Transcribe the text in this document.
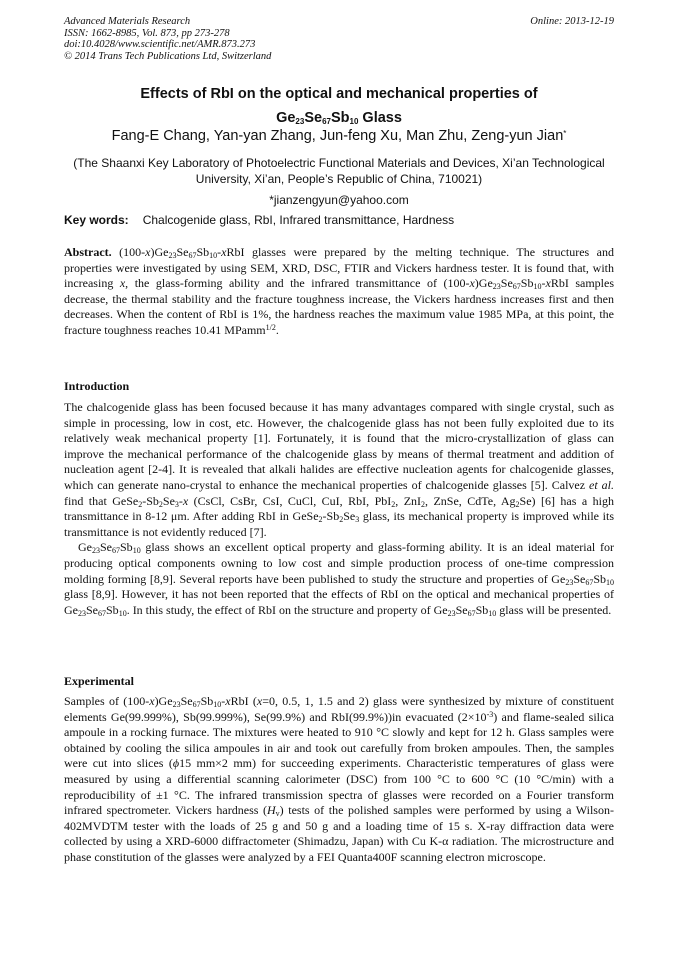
Advanced Materials Research
ISSN: 1662-8985, Vol. 873, pp 273-278
doi:10.4028/www.scientific.net/AMR.873.273
© 2014 Trans Tech Publications Ltd, Switzerland
Online: 2013-12-19
Effects of RbI on the optical and mechanical properties of
$Ge_{23}Se_{67}Sb_{10}$ Glass
Fang-E Chang, Yan-yan Zhang, Jun-feng Xu, Man Zhu, Zeng-yun Jian*
(The Shaanxi Key Laboratory of Photoelectric Functional Materials and Devices, Xi’an Technological University, Xi’an, People’s Republic of China, 710021)
*jianzengyun@yahoo.com
Key words: Chalcogenide glass, RbI, Infrared transmittance, Hardness

Abstract. $(100-x)Ge_{23}Se_{67}Sb_{10}$-xRbI glasses were prepared by the melting technique. The structures and properties were investigated by using SEM, XRD, DSC, FTIR and Vickers hardness tester. It is found that, with increasing x, the glass-forming ability and the infrared transmittance of $(100-x)Ge_{23}Se_{67}Sb_{10}$-xRbI samples decrease, the thermal stability and the fracture toughness increase, the Vickers hardness increases first and then decreases. When the content of RbI is 1%, the hardness reaches the maximum value 1985 MPa, at this point, the fracture toughness reaches 10.41 MPamm$^{1/2}$.

Introduction

The chalcogenide glass has been focused because it has many advantages compared with single crystal, such as simple in processing, low in cost, etc. However, the chalcogenide glass has not been fully exploited due to its relatively weak mechanical property [1]. Fortunately, it is found that the micro-crystallization of glass can improve the mechanical performance of the chalcogenide glass by means of thermal treatment and addition of nucleation agent [2-4]. It is revealed that alkali halides are effective nucleation agents for chalcogenide glasses, which can generate nano-crystal to enhance the mechanical properties of chalcogenide glasses [5]. Calvez et al. find that $GeSe_2-Sb_2Se_3-x$ (CsCl, CsBr, CsI, CuCl, CuI, RbI, PbI$_2$, ZnI$_2$, ZnSe, CdTe, $Ag_2Se$) [6] has a high transmittance in 8-12 μm. After adding RbI in $GeSe_2-Sb_2Se_3$ glass, its mechanical property is improved while its transmittance is not evidently reduced [7].

$Ge_{23}Se_{67}Sb_{10}$ glass shows an excellent optical property and glass-forming ability. It is an ideal material for producing optical components owning to low cost and simple production process of one-time compression molding forming [8,9]. Several reports have been published to study the structure and properties of $Ge_{23}Se_{67}Sb_{10}$ glass [8,9]. However, it has not been reported that the effects of RbI on the optical and mechanical properties of $Ge_{23}Se_{67}Sb_{10}$. In this study, the effect of RbI on the structure and property of $Ge_{23}Se_{67}Sb_{10}$ glass will be presented.

Experimental

Samples of $(100-x)Ge_{23}Se_{67}Sb_{10}$-xRbI (x=0, 0.5, 1, 1.5 and 2) glass were synthesized by mixture of constituent elements Ge(99.999%), Sb(99.999%), Se(99.9%) and RbI(99.9%))in evacuated $(2\times 10^{-3})$ and flame-sealed silica ampoule in a rocking furnace. The mixtures were heated to 910 °C slowly and kept for 12 h. Glass samples were obtained by cooling the silica ampoules in air and took out carefully from broken ampoules. Then, the samples were cut into slices (ϕ15 mm×2 mm) for succeeding experiments. Characteristic temperatures of glass were measured by using a differential scanning calorimeter (DSC) from 100 °C to 600 °C (10 °C/min) with a reproducibility of ±1 °C. The infrared transmission spectra of glasses were recorded on a Fourier transform infrared spectrometer. Vickers hardness $(H_v)$ tests of the polished samples were performed by using a Wilson-402MVDTM tester with the loads of 25 g and 50 g and a loading time of 15 s. X-ray diffraction data were collected by using a XRD-6000 diffractometer (Shimadzu, Japan) with Cu K-α radiation. The microstructure and phase constitution of the glasses were analyzed by a FEI Quanta400F scanning electron microscope.
